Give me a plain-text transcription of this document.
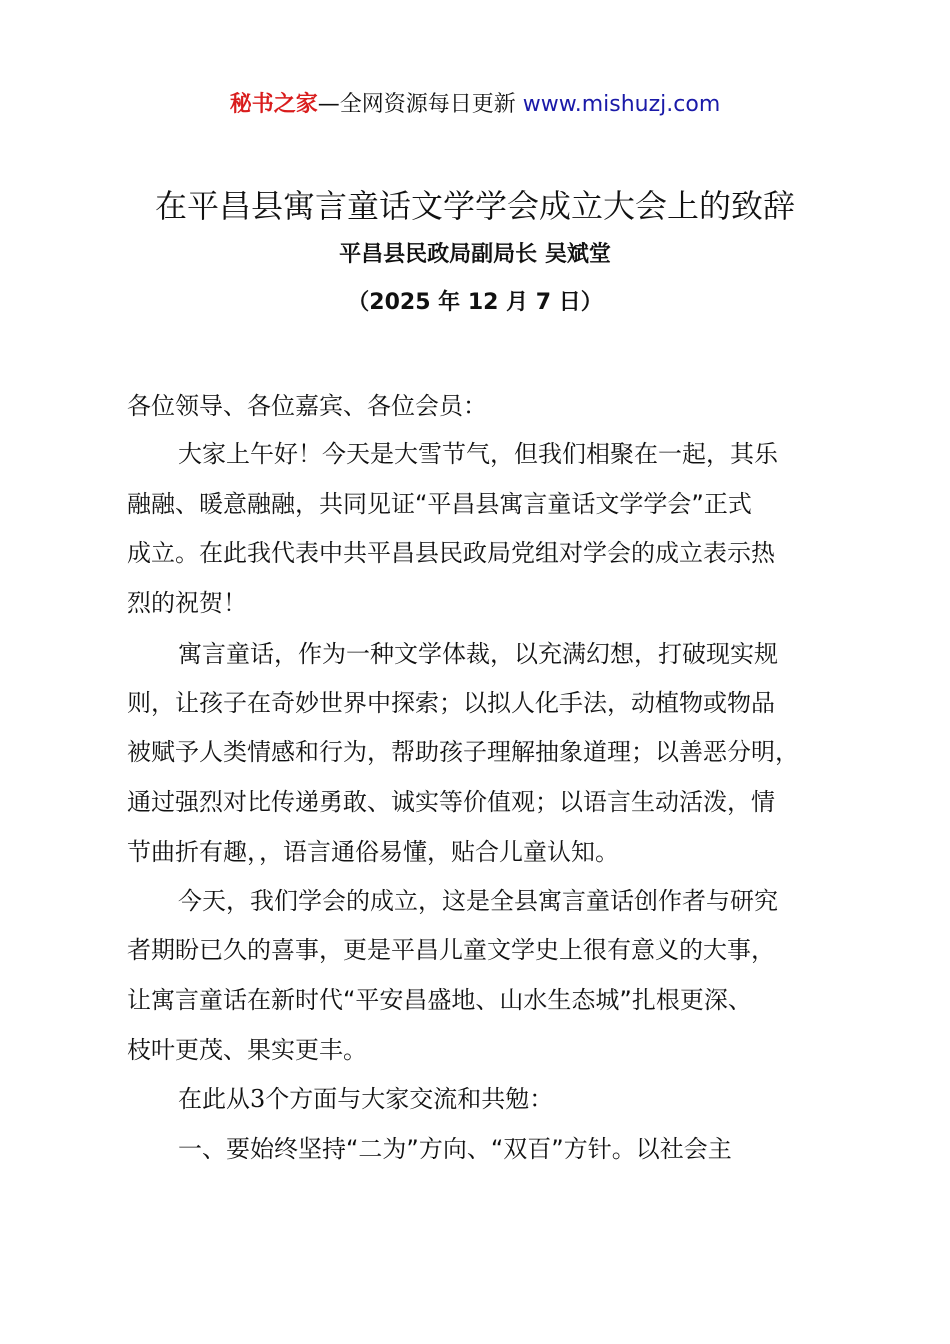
秘书之家—全网资源每日更新 www.mishuzj.com
在平昌县寓言童话文学学会成立大会上的致辞
平昌县民政局副局长 吴斌堂
（2025 年 12 月 7 日）
各位领导、各位嘉宾、各位会员：
大家上午好！今天是大雪节气，但我们相聚在一起，其乐
融融、暖意融融，共同见证“平昌县寓言童话文学学会”正式
成立。在此我代表中共平昌县民政局党组对学会的成立表示热
烈的祝贺！
寓言童话，作为一种文学体裁，以充满幻想，打破现实规
则，让孩子在奇妙世界中探索；以拟人化手法，动植物或物品
被赋予人类情感和行为，帮助孩子理解抽象道理；以善恶分明，
通过强烈对比传递勇敢、诚实等价值观；以语言生动活泼，情
节曲折有趣，，语言通俗易懂，贴合儿童认知。
今天，我们学会的成立，这是全县寓言童话创作者与研究
者期盼已久的喜事，更是平昌儿童文学史上很有意义的大事，
让寓言童话在新时代“平安昌盛地、山水生态城”扎根更深、
枝叶更茂、果实更丰。
在此从3个方面与大家交流和共勉：
一、要始终坚持“二为”方向、“双百”方针。以社会主
